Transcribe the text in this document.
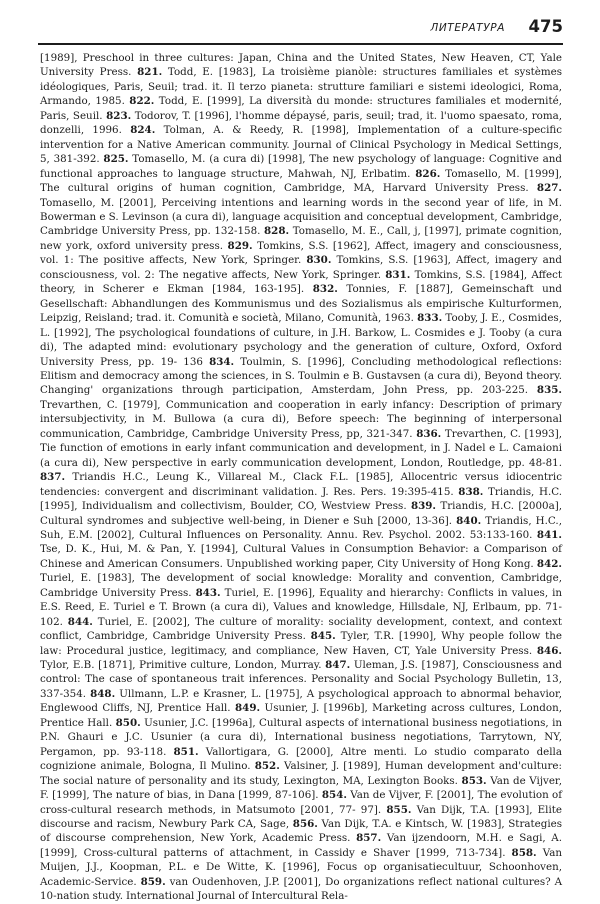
ЛИТЕРАТУРА 475
[1989], Preschool in three cultures: Japan, China and the United States, New Heaven, CT, Yale University Press. 821. Todd, E. [1983], La troisième pianòle: structures familiales et systèmes idéologiques, Paris, Seuil; trad. it. Il terzo pianeta: strutture familiari e sistemi ideologici, Roma, Armando, 1985. 822. Todd, E. [1999], La diversità du monde: structures familiales et modernité, Paris, Seuil. 823. Todorov, T. [1996], l'homme dépaysé, paris, seuil; trad, it. l'uomo spaesato, roma, donzelli, 1996. 824. Tolman, A. & Reedy, R. [1998], Implementation of a culture-specific intervention for a Native American community. Journal of Clinical Psychology in Medical Settings, 5, 381-392. 825. Tomasello, M. (a cura di) [1998], The new psychology of language: Cognitive and functional approaches to language structure, Mahwah, NJ, Erlbatim. 826. Tomasello, M. [1999], The cultural origins of human cognition, Cambridge, MA, Harvard University Press. 827. Tomasello, M. [2001], Perceiving intentions and learning words in the second year of life, in M. Bowerman e S. Levinson (a cura di), language acquisition and conceptual development, Cambridge, Cambridge University Press, pp. 132-158. 828. Tomasello, M. E., Call, j, [1997], primate cognition, new york, oxford university press. 829. Tomkins, S.S. [1962], Affect, imagery and consciousness, vol. 1: The positive affects, New York, Springer. 830. Tomkins, S.S. [1963], Affect, imagery and consciousness, vol. 2: The negative affects, New York, Springer. 831. Tomkins, S.S. [1984], Affect theory, in Scherer e Ekman [1984, 163-195]. 832. Tonnies, F. [1887], Gemeinschaft und Gesellschaft: Abhandlungen des Kommunismus und des Sozialismus als empirische Kulturformen, Leipzig, Reisland; trad. it. Comunità e società, Milano, Comunità, 1963. 833. Tooby, J. E., Cosmides, L. [1992], The psychological foundations of culture, in J.H. Barkow, L. Cosmides e J. Tooby (a cura di), The adapted mind: evolutionary psychology and the generation of culture, Oxford, Oxford University Press, pp. 19- 136 834. Toulmin, S. [1996], Concluding methodological reflections: Elitism and democracy among the sciences, in S. Toulmin e B. Gustavsen (a cura di), Beyond theory. Changing' organizations through participation, Amsterdam, John Press, pp. 203-225. 835. Trevarthen, C. [1979], Communication and cooperation in early infancy: Description of primary intersubjectivity, in M. Bullowa (a cura di), Before speech: The beginning of interpersonal communication, Cambridge, Cambridge University Press, pp, 321-347. 836. Trevarthen, C. [1993], Tie function of emotions in early infant communication and development, in J. Nadel e L. Camaioni (a cura di), New perspective in early communication development, London, Routledge, pp. 48-81. 837. Triandis H.C., Leung K., Villareal M., Clack F.L. [1985], Allocentric versus idiocentric tendencies: convergent and discriminant validation. J. Res. Pers. 19:395-415. 838. Triandis, H.C. [1995], Individualism and collectivism, Boulder, CO, Westview Press. 839. Triandis, H.C. [2000a], Cultural syndromes and subjective well-being, in Diener e Suh [2000, 13-36]. 840. Triandis, H.C., Suh, E.M. [2002], Cultural Influences on Personality. Annu. Rev. Psychol. 2002. 53:133-160. 841. Tse, D. K., Hui, M. & Pan, Y. [1994], Cultural Values in Consumption Behavior: a Comparison of Chinese and American Consumers. Unpublished working paper, City University of Hong Kong. 842. Turiel, E. [1983], The development of social knowledge: Morality and convention, Cambridge, Cambridge University Press. 843. Turiel, E. [1996], Equality and hierarchy: Conflicts in values, in E.S. Reed, E. Turiel e T. Brown (a cura di), Values and knowledge, Hillsdale, NJ, Erlbaum, pp. 71-102. 844. Turiel, E. [2002], The culture of morality: sociality development, context, and context conflict, Cambridge, Cambridge University Press. 845. Tyler, T.R. [1990], Why people follow the law: Procedural justice, legitimacy, and compliance, New Haven, CT, Yale University Press. 846. Tylor, E.B. [1871], Primitive culture, London, Murray. 847. Uleman, J.S. [1987], Consciousness and control: The case of spontaneous trait inferences. Personality and Social Psychology Bulletin, 13, 337-354. 848. Ullmann, L.P. e Krasner, L. [1975], A psychological approach to abnormal behavior, Englewood Cliffs, NJ, Prentice Hall. 849. Usunier, J. [1996b], Marketing across cultures, London, Prentice Hall. 850. Usunier, J.C. [1996a], Cultural aspects of international business negotiations, in P.N. Ghauri e J.C. Usunier (a cura di), International business negotiations, Tarrytown, NY, Pergamon, pp. 93-118. 851. Vallortigara, G. [2000], Altre menti. Lo studio comparato della cognizione animale, Bologna, Il Mulino. 852. Valsiner, J. [1989], Human development and'culture: The social nature of personality and its study, Lexington, MA, Lexington Books. 853. Van de Vijver, F. [1999], The nature of bias, in Dana [1999, 87-106]. 854. Van de Vijver, F. [2001], The evolution of cross-cultural research methods, in Matsumoto [2001, 77- 97]. 855. Van Dijk, T.A. [1993], Elite discourse and racism, Newbury Park CA, Sage, 856. Van Dijk, T.A. e Kintsch, W. [1983], Strategies of discourse comprehension, New York, Academic Press. 857. Van ijzendoorn, M.H. e Sagi, A. [1999], Cross-cultural patterns of attachment, in Cassidy e Shaver [1999, 713-734]. 858. Van Muijen, J.J., Koopman, P.L. e De Witte, K. [1996], Focus op organisatiecultuur, Schoonhoven, Academic-Service. 859. van Oudenhoven, J.P. [2001], Do organizations reflect national cultures? A 10-nation study. International Journal of Intercultural Rela-
